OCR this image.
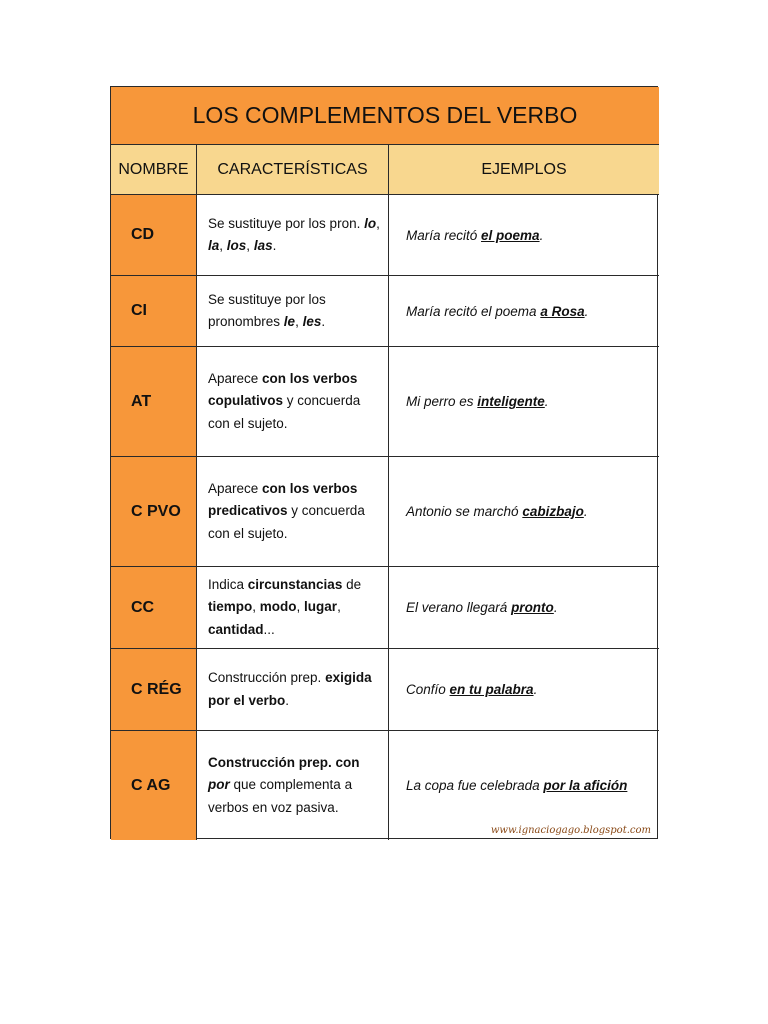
LOS COMPLEMENTOS DEL VERBO
NOMBRE	CARACTERÍSTICAS	EJEMPLOS
CD
Se sustituye por los pron. lo, la, los, las.
María recitó el poema.
CI
Se sustituye por los pronombres le, les.
María recitó el poema a Rosa.
AT
Aparece con los verbos copulativos y concuerda con el sujeto.
Mi perro es inteligente.
C PVO
Aparece con los verbos predicativos y concuerda con el sujeto.
Antonio se marchó cabizbajo.
CC
Indica circunstancias de tiempo, modo, lugar, cantidad...
El verano llegará pronto.
C RÉG
Construcción prep. exigida por el verbo.
Confío en tu palabra.
C AG
Construcción prep. con por que complementa a verbos en voz pasiva.
La copa fue celebrada por la afición
www.ignaciogago.blogspot.com
